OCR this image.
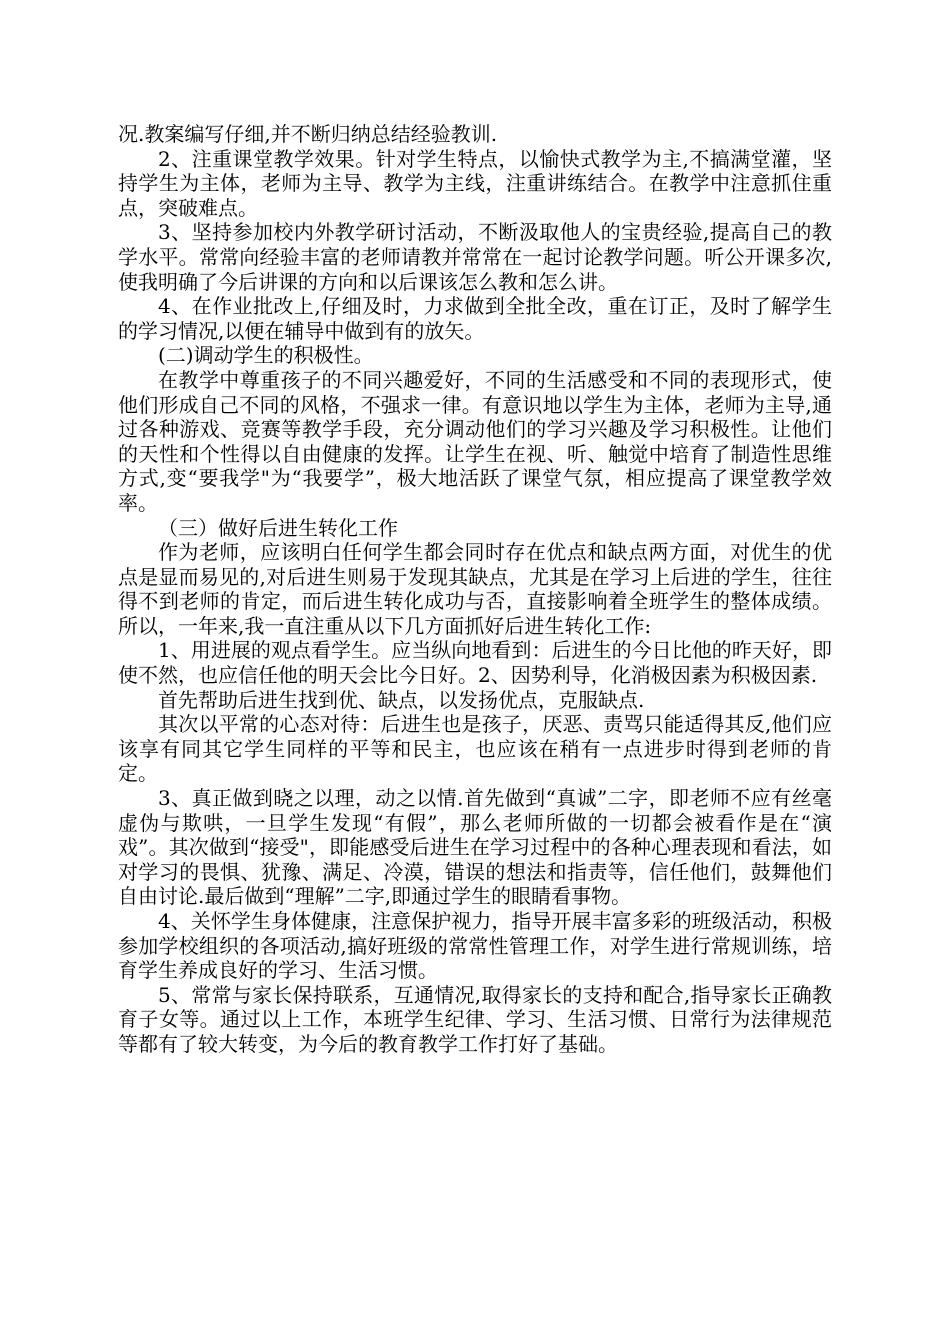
况.教案编写仔细,并不断归纳总结经验教训.

2、注重课堂教学效果。针对学生特点，以愉快式教学为主,不搞满堂灌，坚持学生为主体，老师为主导、教学为主线，注重讲练结合。在教学中注意抓住重点，突破难点。

3、坚持参加校内外教学研讨活动，不断汲取他人的宝贵经验,提高自己的教学水平。常常向经验丰富的老师请教并常常在一起讨论教学问题。听公开课多次,使我明确了今后讲课的方向和以后课该怎么教和怎么讲。

4、在作业批改上,仔细及时，力求做到全批全改，重在订正，及时了解学生的学习情况,以便在辅导中做到有的放矢。

(二)调动学生的积极性。

在教学中尊重孩子的不同兴趣爱好，不同的生活感受和不同的表现形式，使他们形成自己不同的风格，不强求一律。有意识地以学生为主体，老师为主导,通过各种游戏、竞赛等教学手段，充分调动他们的学习兴趣及学习积极性。让他们的天性和个性得以自由健康的发挥。让学生在视、听、触觉中培育了制造性思维方式,变“要我学"为“我要学”，极大地活跃了课堂气氛，相应提高了课堂教学效率。

（三）做好后进生转化工作

作为老师，应该明白任何学生都会同时存在优点和缺点两方面，对优生的优点是显而易见的,对后进生则易于发现其缺点，尤其是在学习上后进的学生，往往得不到老师的肯定，而后进生转化成功与否，直接影响着全班学生的整体成绩。所以，一年来,我一直注重从以下几方面抓好后进生转化工作:

1、用进展的观点看学生。应当纵向地看到：后进生的今日比他的昨天好，即使不然，也应信任他的明天会比今日好。2、因势利导，化消极因素为积极因素.

首先帮助后进生找到优、缺点，以发扬优点，克服缺点.

其次以平常的心态对待：后进生也是孩子，厌恶、责骂只能适得其反,他们应该享有同其它学生同样的平等和民主，也应该在稍有一点进步时得到老师的肯定。

3、真正做到晓之以理，动之以情.首先做到“真诚”二字，即老师不应有丝毫虚伪与欺哄，一旦学生发现“有假”，那么老师所做的一切都会被看作是在“演戏”。其次做到“接受"，即能感受后进生在学习过程中的各种心理表现和看法，如对学习的畏惧、犹豫、满足、冷漠，错误的想法和指责等，信任他们，鼓舞他们自由讨论.最后做到“理解”二字,即通过学生的眼睛看事物。

4、关怀学生身体健康，注意保护视力，指导开展丰富多彩的班级活动，积极参加学校组织的各项活动,搞好班级的常常性管理工作，对学生进行常规训练，培育学生养成良好的学习、生活习惯。

5、常常与家长保持联系，互通情况,取得家长的支持和配合,指导家长正确教育子女等。通过以上工作，本班学生纪律、学习、生活习惯、日常行为法律规范等都有了较大转变，为今后的教育教学工作打好了基础。
